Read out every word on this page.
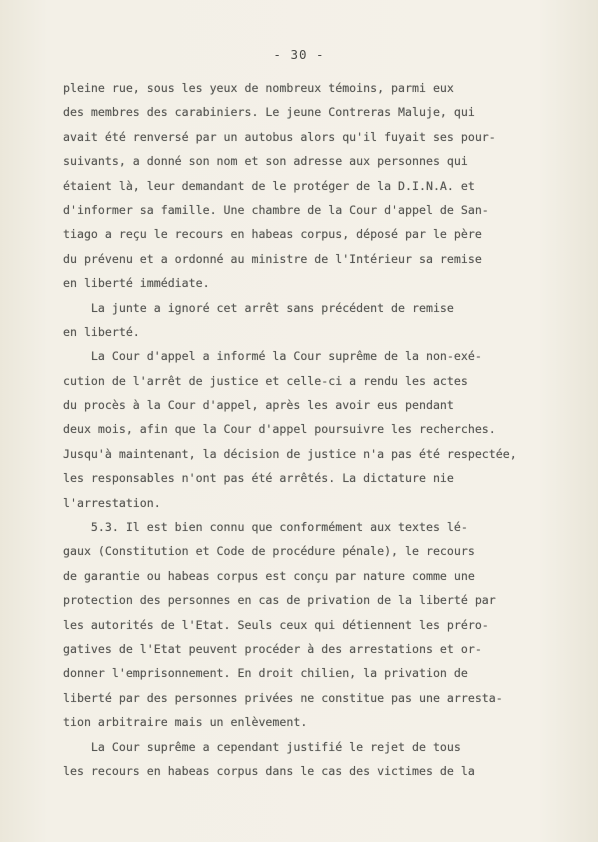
- 30 -
pleine rue, sous les yeux de nombreux témoins, parmi eux
des membres des carabiniers. Le jeune Contreras Maluje, qui
avait été renversé par un autobus alors qu'il fuyait ses pour-
suivants, a donné son nom et son adresse aux personnes qui
étaient là, leur demandant de le protéger de la D.I.N.A. et
d'informer sa famille. Une chambre de la Cour d'appel de San-
tiago a reçu le recours en habeas corpus, déposé par le père
du prévenu et a ordonné au ministre de l'Intérieur sa remise
en liberté immédiate.
La junte a ignoré cet arrêt sans précédent de remise
en liberté.
La Cour d'appel a informé la Cour suprême de la non-exé-
cution de l'arrêt de justice et celle-ci a rendu les actes
du procès à la Cour d'appel, après les avoir eus pendant
deux mois, afin que la Cour d'appel poursuivre les recherches.
Jusqu'à maintenant, la décision de justice n'a pas été respectée,
les responsables n'ont pas été arrêtés. La dictature nie
l'arrestation.
5.3. Il est bien connu que conformément aux textes lé-
gaux (Constitution et Code de procédure pénale), le recours
de garantie ou habeas corpus est conçu par nature comme une
protection des personnes en cas de privation de la liberté par
les autorités de l'Etat. Seuls ceux qui détiennent les préro-
gatives de l'Etat peuvent procéder à des arrestations et or-
donner l'emprisonnement. En droit chilien, la privation de
liberté par des personnes privées ne constitue pas une arresta-
tion arbitraire mais un enlèvement.
La Cour suprême a cependant justifié le rejet de tous
les recours en habeas corpus dans le cas des victimes de la
